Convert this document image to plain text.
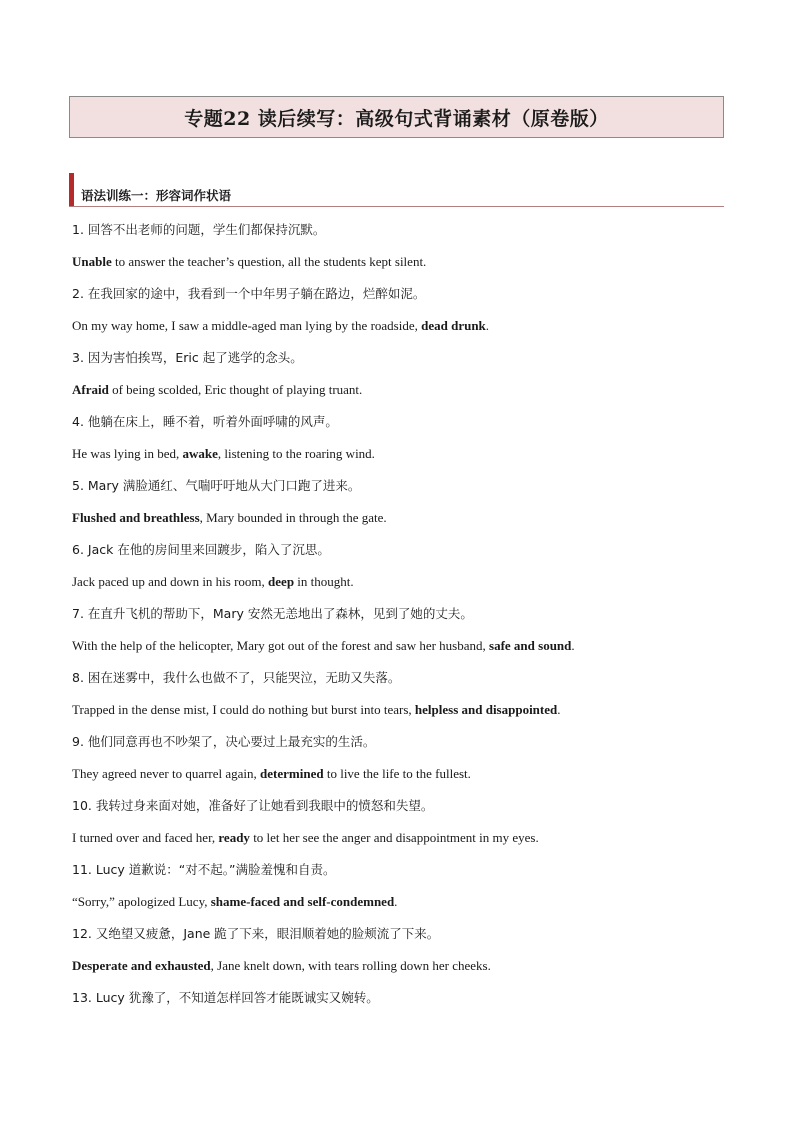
专题22 读后续写：高级句式背诵素材（原卷版）
语法训练一：形容词作状语
1. 回答不出老师的问题，学生们都保持沉默。
Unable to answer the teacher’s question, all the students kept silent.
2. 在我回家的途中，我看到一个中年男子躺在路边，烂醉如泥。
On my way home, I saw a middle-aged man lying by the roadside, dead drunk.
3. 因为害怕挨骂，Eric 起了逃学的念头。
Afraid of being scolded, Eric thought of playing truant.
4. 他躺在床上，睡不着，听着外面呼啸的风声。
He was lying in bed, awake, listening to the roaring wind.
5. Mary 满脸通红、气喘吁吁地从大门口跑了进来。
Flushed and breathless, Mary bounded in through the gate.
6. Jack 在他的房间里来回踱步，陷入了沉思。
Jack paced up and down in his room, deep in thought.
7. 在直升飞机的帮助下，Mary 安然无恙地出了森林，见到了她的丈夫。
With the help of the helicopter, Mary got out of the forest and saw her husband, safe and sound.
8. 困在迷雾中，我什么也做不了，只能哭泣，无助又失落。
Trapped in the dense mist, I could do nothing but burst into tears, helpless and disappointed.
9. 他们同意再也不吵架了，决心要过上最充实的生活。
They agreed never to quarrel again, determined to live the life to the fullest.
10. 我转过身来面对她，准备好了让她看到我眼中的愤怒和失望。
I turned over and faced her, ready to let her see the anger and disappointment in my eyes.
11. Lucy 道歉说：“对不起。”满脸羞愧和自责。
“Sorry,” apologized Lucy, shame-faced and self-condemned.
12. 又绝望又疲惫，Jane 跪了下来，眼泪顺着她的脸颊流了下来。
Desperate and exhausted, Jane knelt down, with tears rolling down her cheeks.
13. Lucy 犹豫了，不知道怎样回答才能既诚实又婉转。
